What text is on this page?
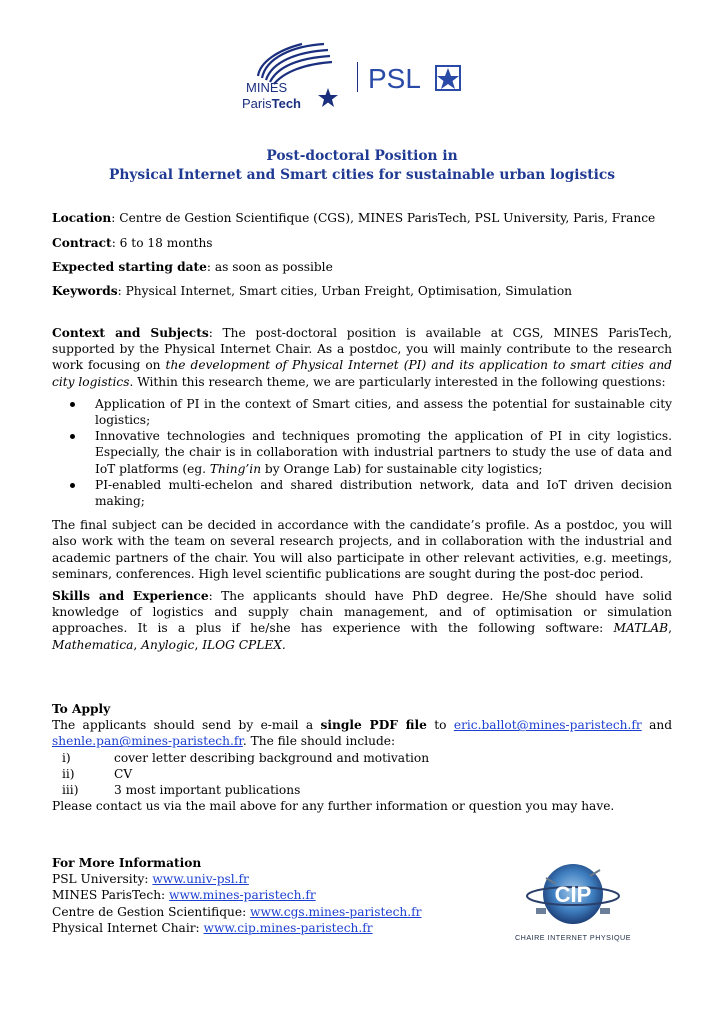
MINES
ParisTech
PSL
Post-doctoral Position in
Physical Internet and Smart cities for sustainable urban logistics
Location: Centre de Gestion Scientifique (CGS), MINES ParisTech, PSL University, Paris, France
Contract: 6 to 18 months
Expected starting date: as soon as possible
Keywords: Physical Internet, Smart cities, Urban Freight, Optimisation, Simulation

Context and Subjects: The post-doctoral position is available at CGS, MINES ParisTech, supported by the Physical Internet Chair. As a postdoc, you will mainly contribute to the research work focusing on the development of Physical Internet (PI) and its application to smart cities and city logistics. Within this research theme, we are particularly interested in the following questions:

Application of PI in the context of Smart cities, and assess the potential for sustainable city logistics;
Innovative technologies and techniques promoting the application of PI in city logistics. Especially, the chair is in collaboration with industrial partners to study the use of data and IoT platforms (eg. Thing’in by Orange Lab) for sustainable city logistics;
PI-enabled multi-echelon and shared distribution network, data and IoT driven decision making;

The final subject can be decided in accordance with the candidate’s profile. As a postdoc, you will also work with the team on several research projects, and in collaboration with the industrial and academic partners of the chair. You will also participate in other relevant activities, e.g. meetings, seminars, conferences. High level scientific publications are sought during the post-doc period.

Skills and Experience: The applicants should have PhD degree. He/She should have solid knowledge of logistics and supply chain management, and of optimisation or simulation approaches. It is a plus if he/she has experience with the following software: MATLAB, Mathematica, Anylogic, ILOG CPLEX.

To Apply

The applicants should send by e-mail a single PDF file to eric.ballot@mines-paristech.fr and shenle.pan@mines-paristech.fr. The file should include:

i)	cover letter describing background and motivation
ii)	CV
iii)	3 most important publications
Please contact us via the mail above for any further information or question you may have.
For More Information
PSL University: www.univ-psl.fr
MINES ParisTech: www.mines-paristech.fr
Centre de Gestion Scientifique: www.cgs.mines-paristech.fr
Physical Internet Chair: www.cip.mines-paristech.fr
CIP
CHAIRE INTERNET PHYSIQUE
